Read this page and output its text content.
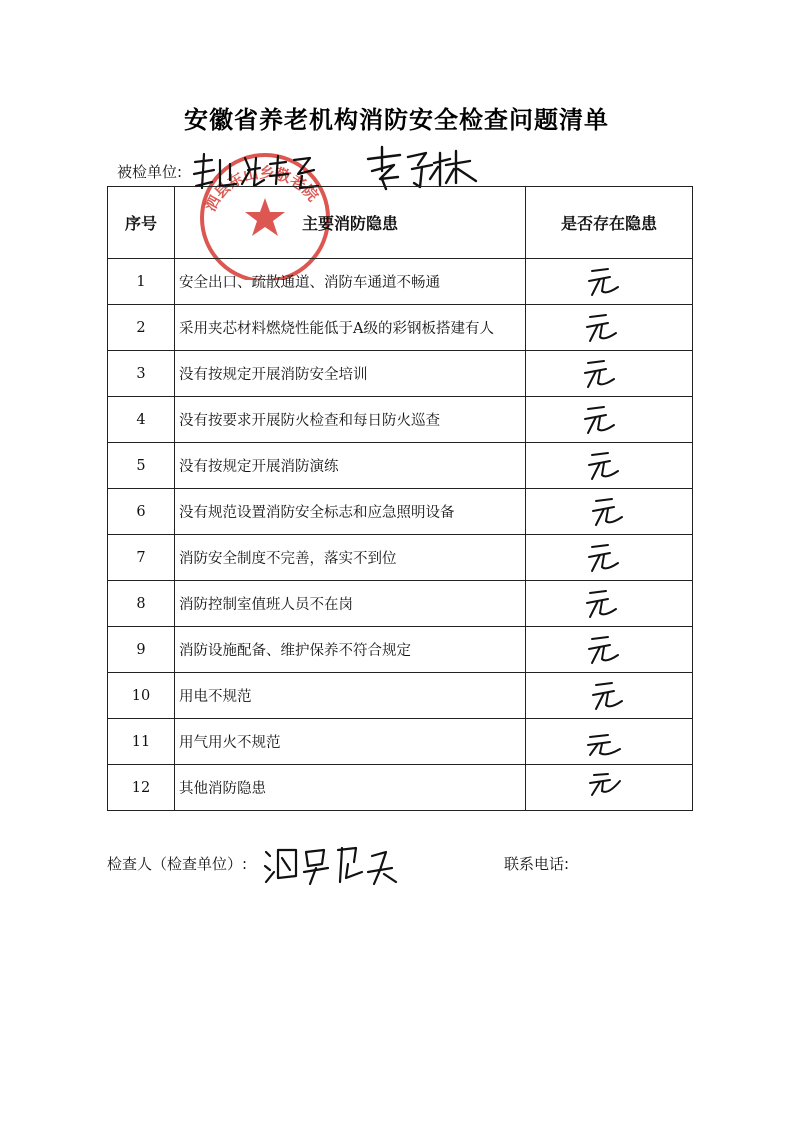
安徽省养老机构消防安全检查问题清单
被检单位:
泗县东山乡敬老院
序号	主要消防隐患	是否存在隐患
1	安全出口、疏散通道、消防车通道不畅通	

2	采用夹芯材料燃烧性能低于A级的彩钢板搭建有人	

3	没有按规定开展消防安全培训	

4	没有按要求开展防火检查和每日防火巡查	

5	没有按规定开展消防演练	

6	没有规范设置消防安全标志和应急照明设备	

7	消防安全制度不完善，落实不到位	

8	消防控制室值班人员不在岗	

9	消防设施配备、维护保养不符合规定	

10	用电不规范	

11	用气用火不规范	

12	其他消防隐患	
检查人（检查单位）:	联系电话:
